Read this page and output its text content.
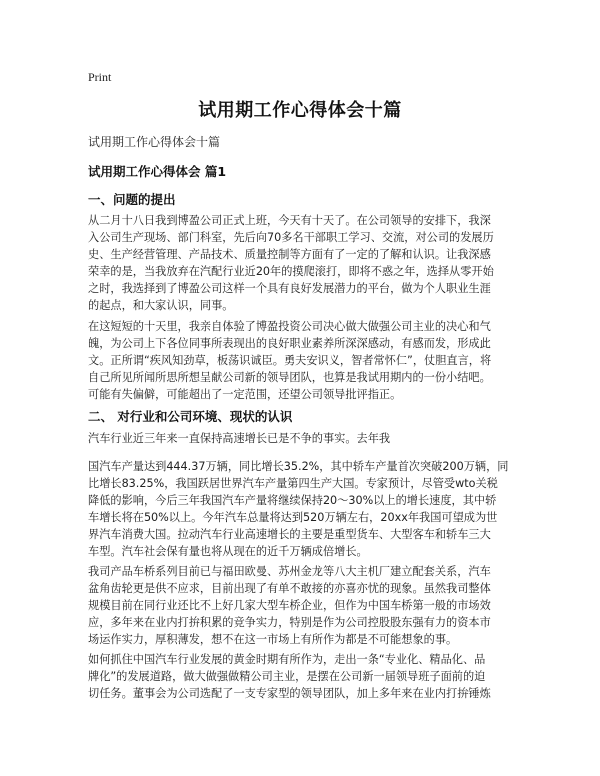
Print
试用期工作心得体会十篇
试用期工作心得体会十篇
试用期工作心得体会 篇1
一、问题的提出
从二月十八日我到博盈公司正式上班，今天有十天了。在公司领导的安排下，我深
入公司生产现场、部门科室，先后向70多名干部职工学习、交流，对公司的发展历
史、生产经营管理、产品技术、质量控制等方面有了一定的了解和认识。让我深感
荣幸的是，当我放弃在汽配行业近20年的摸爬滚打，即将不惑之年，选择从零开始
之时，我选择到了博盈公司这样一个具有良好发展潜力的平台，做为个人职业生涯
的起点，和大家认识，同事。
在这短短的十天里，我亲自体验了博盈投资公司决心做大做强公司主业的决心和气
魄，为公司上下各位同事所表现出的良好职业素养所深深感动，有感而发，形成此
文。正所谓“疾风知劲草，板荡识诚臣。勇夫安识义，智者常怀仁”，仗胆直言，将
自己所见所闻所思所想呈献公司新的领导团队，也算是我试用期内的一份小结吧。
可能有失偏僻，可能超出了一定范围，还望公司领导批评指正。
二、 对行业和公司环境、现状的认识
汽车行业近三年来一直保持高速增长已是不争的事实。去年我
国汽车产量达到444.37万辆，同比增长35.2%，其中轿车产量首次突破200万辆，同
比增长83.25%，我国跃居世界汽车产量第四生产大国。专家预计，尽管受wto关税
降低的影响，今后三年我国汽车产量将继续保持20～30%以上的增长速度，其中轿
车增长将在50%以上。今年汽车总量将达到520万辆左右，20xx年我国可望成为世
界汽车消费大国。拉动汽车行业高速增长的主要是重型货车、大型客车和轿车三大
车型。汽车社会保有量也将从现在的近千万辆成倍增长。
我司产品车桥系列目前已与福田欧曼、苏州金龙等八大主机厂建立配套关系，汽车
盆角齿轮更是供不应求，目前出现了有单不敢接的亦喜亦忧的现象。虽然我司整体
规模目前在同行业还比不上好几家大型车桥企业，但作为中国车桥第一般的市场效
应，多年来在业内打拚积累的竞争实力，特别是作为公司控股股东强有力的资本市
场运作实力，厚积薄发，想不在这一市场上有所作为都是不可能想象的事。
如何抓住中国汽车行业发展的黄金时期有所作为，走出一条“专业化、精品化、品
牌化”的发展道路，做大做强做精公司主业，是摆在公司新一届领导班子面前的迫
切任务。董事会为公司选配了一支专家型的领导团队，加上多年来在业内打拚锤炼
